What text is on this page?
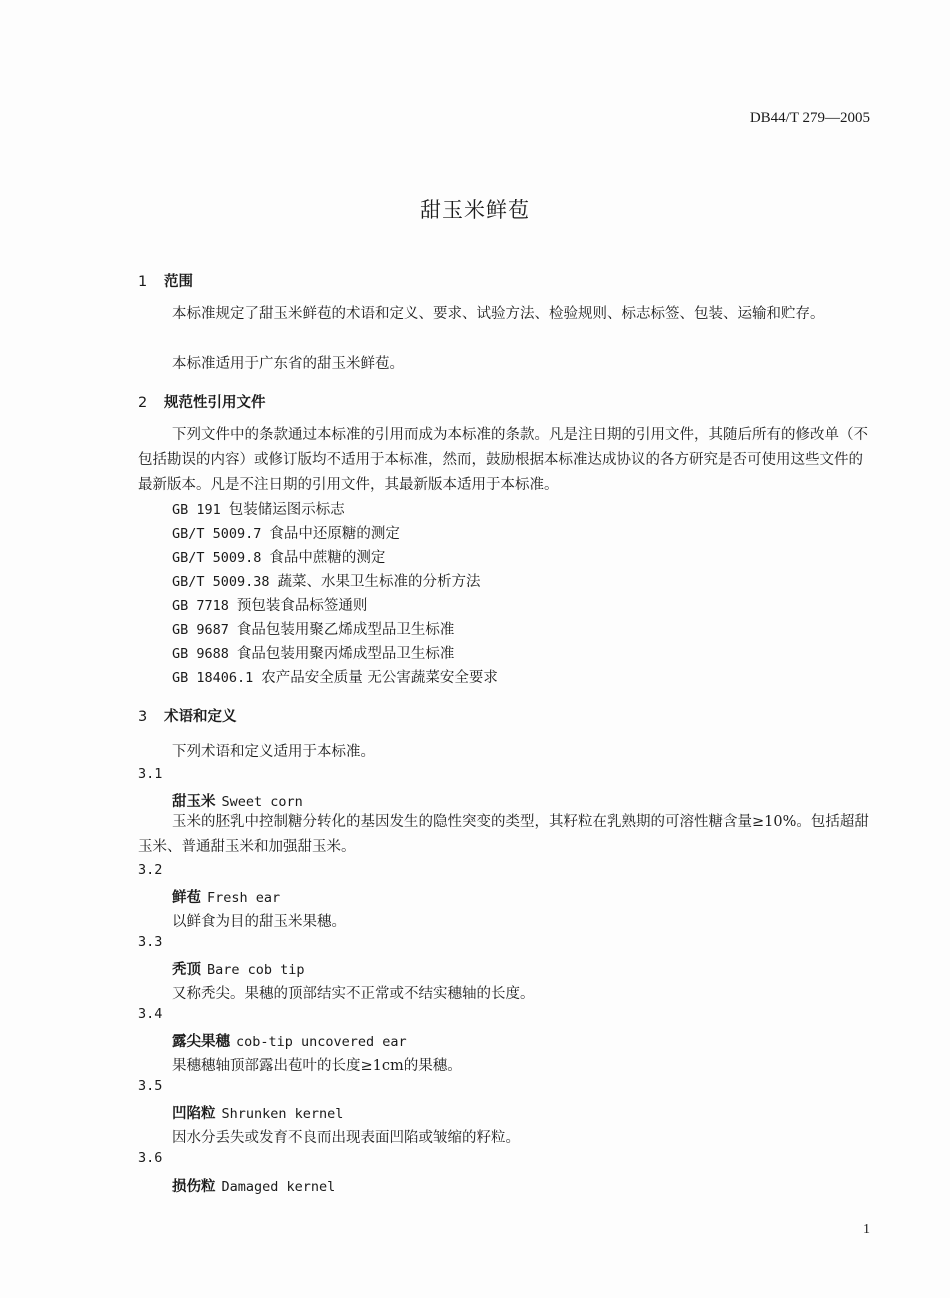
DB44/T 279—2005
甜玉米鲜苞
1 范围
本标准规定了甜玉米鲜苞的术语和定义、要求、试验方法、检验规则、标志标签、包装、运输和贮存。
本标准适用于广东省的甜玉米鲜苞。
2 规范性引用文件
下列文件中的条款通过本标准的引用而成为本标准的条款。凡是注日期的引用文件，其随后所有的修改单（不包括勘误的内容）或修订版均不适用于本标准，然而，鼓励根据本标准达成协议的各方研究是否可使用这些文件的最新版本。凡是不注日期的引用文件，其最新版本适用于本标准。
GB 191 包装储运图示标志
GB/T 5009.7 食品中还原糖的测定
GB/T 5009.8 食品中蔗糖的测定
GB/T 5009.38 蔬菜、水果卫生标准的分析方法
GB 7718 预包装食品标签通则
GB 9687 食品包装用聚乙烯成型品卫生标准
GB 9688 食品包装用聚丙烯成型品卫生标准
GB 18406.1 农产品安全质量 无公害蔬菜安全要求
3 术语和定义
下列术语和定义适用于本标准。
3.1
甜玉米 Sweet corn
玉米的胚乳中控制糖分转化的基因发生的隐性突变的类型，其籽粒在乳熟期的可溶性糖含量≥10%。包括超甜玉米、普通甜玉米和加强甜玉米。
3.2
鲜苞 Fresh ear
以鲜食为目的甜玉米果穗。
3.3
秃顶 Bare cob tip
又称秃尖。果穗的顶部结实不正常或不结实穗轴的长度。
3.4
露尖果穗 cob-tip uncovered ear
果穗穗轴顶部露出苞叶的长度≥1cm的果穗。
3.5
凹陷粒 Shrunken kernel
因水分丢失或发育不良而出现表面凹陷或皱缩的籽粒。
3.6
损伤粒 Damaged kernel
1
